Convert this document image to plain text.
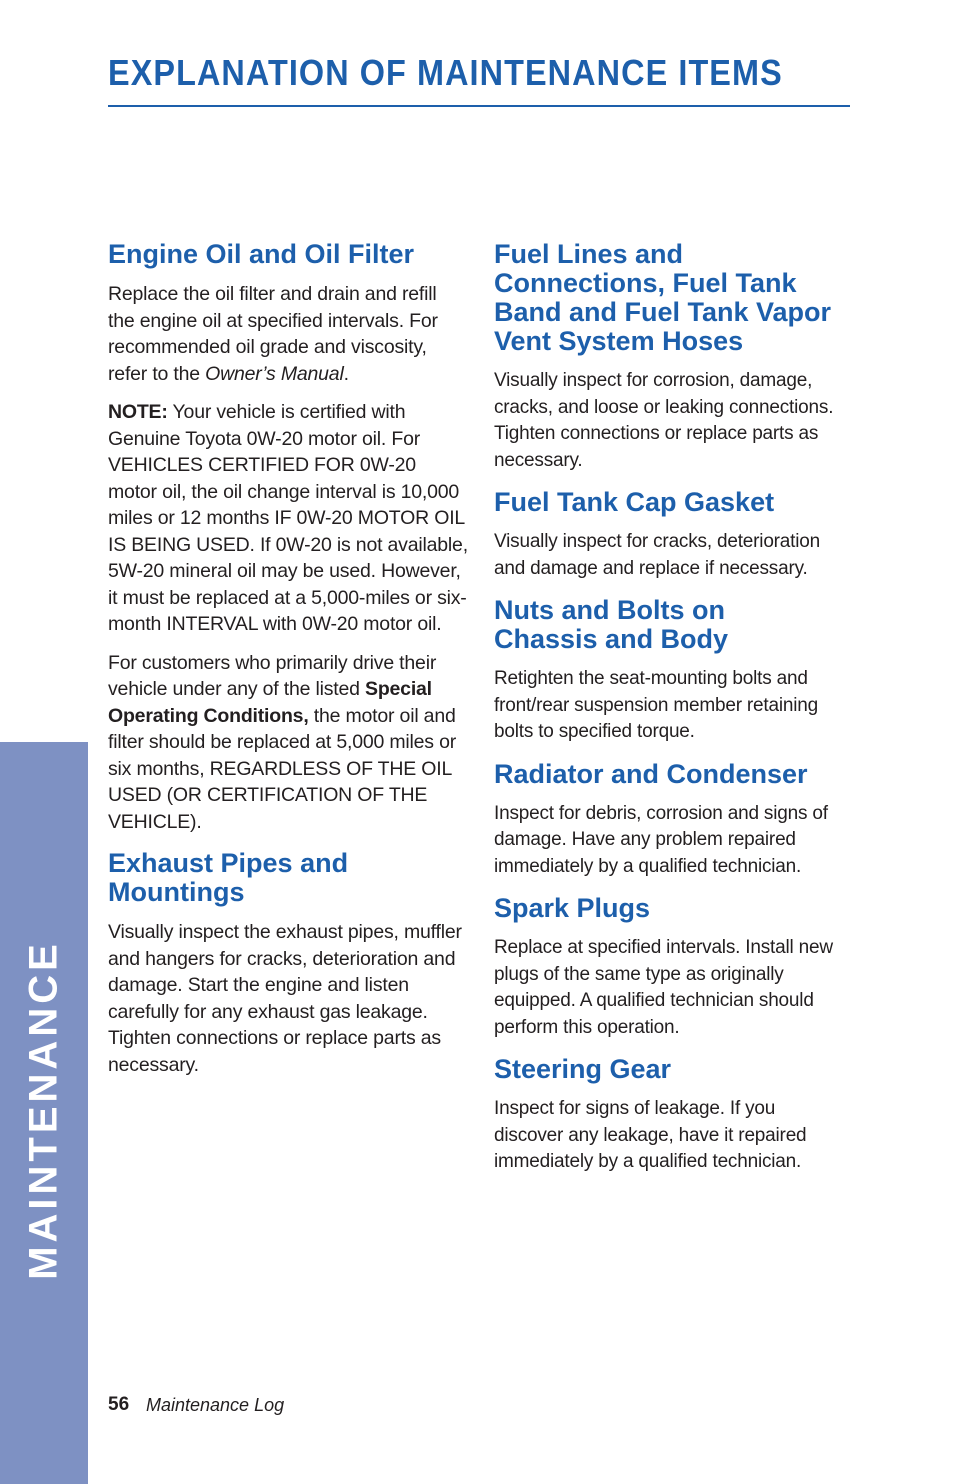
EXPLANATION OF MAINTENANCE ITEMS
Engine Oil and Oil Filter

Replace the oil filter and drain and refill the engine oil at specified intervals. For recommended oil grade and viscosity, refer to the Owner’s Manual.

NOTE: Your vehicle is certified with Genuine Toyota 0W-20 motor oil. For VEHICLES CERTIFIED FOR 0W-20 motor oil, the oil change interval is 10,000 miles or 12 months IF 0W-20 MOTOR OIL IS BEING USED. If 0W-20 is not available, 5W-20 mineral oil may be used. However, it must be replaced at a 5,000-miles or six-month INTERVAL with 0W-20 motor oil.

For customers who primarily drive their vehicle under any of the listed Special Operating Conditions, the motor oil and filter should be replaced at 5,000 miles or six months, REGARDLESS OF THE OIL USED (OR CERTIFICATION OF THE VEHICLE).

Exhaust Pipes and Mountings

Visually inspect the exhaust pipes, muffler and hangers for cracks, deterioration and damage. Start the engine and listen carefully for any exhaust gas leakage. Tighten connections or replace parts as necessary.

Fuel Lines and Connections, Fuel Tank Band and Fuel Tank Vapor Vent System Hoses

Visually inspect for corrosion, damage, cracks, and loose or leaking connections. Tighten connections or replace parts as necessary.

Fuel Tank Cap Gasket

Visually inspect for cracks, deterioration and damage and replace if necessary.

Nuts and Bolts on Chassis and Body

Retighten the seat-mounting bolts and front/rear suspension member retaining bolts to specified torque.

Radiator and Condenser

Inspect for debris, corrosion and signs of damage. Have any problem repaired immediately by a qualified technician.

Spark Plugs

Replace at specified intervals. Install new plugs of the same type as originally equipped. A qualified technician should perform this operation.

Steering Gear

Inspect for signs of leakage. If you discover any leakage, have it repaired immediately by a qualified technician.

MAINTENANCE
56 Maintenance Log
